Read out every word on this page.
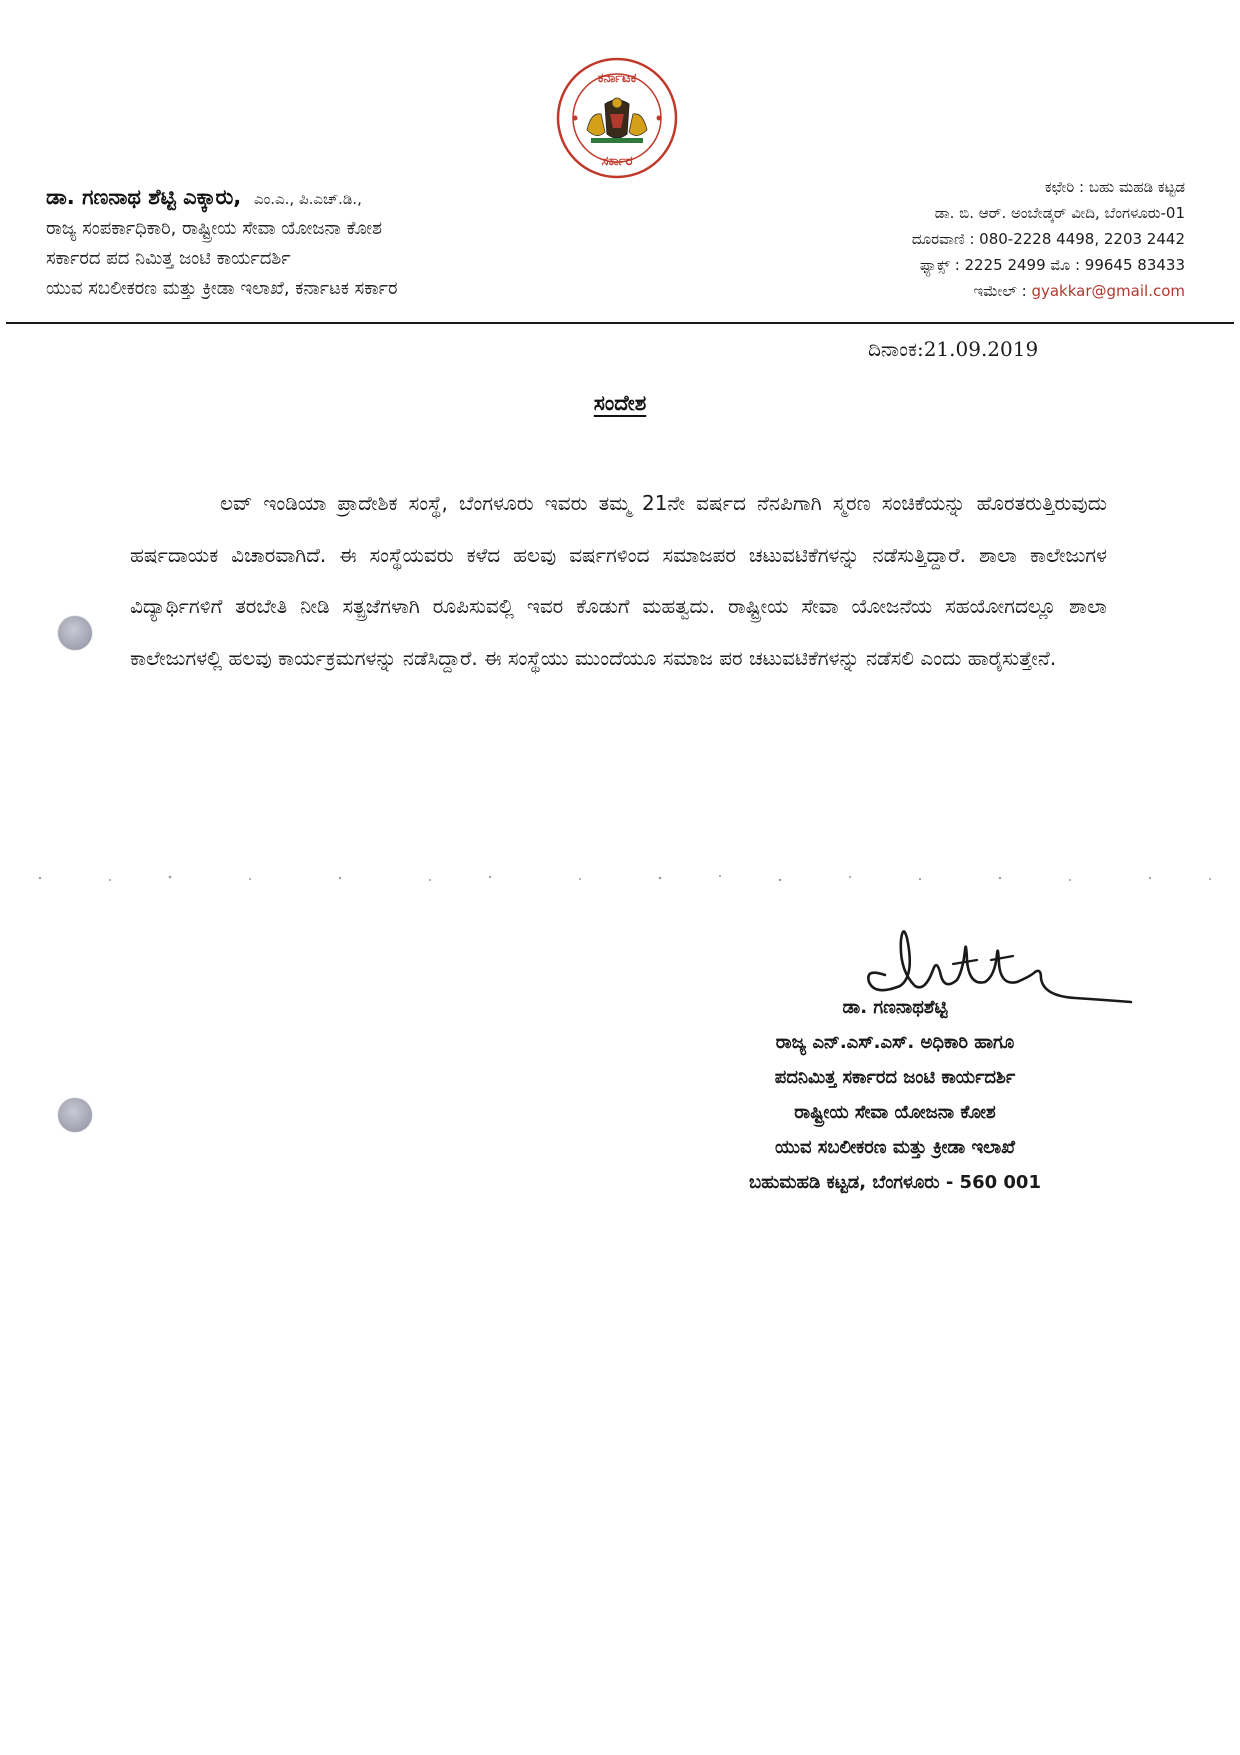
ಕರ್ನಾಟಕ
ಸರ್ಕಾರ
ಡಾ. ಗಣನಾಥ ಶೆಟ್ಟಿ ಎಕ್ಕಾರು, ಎಂ.ಎ., ಪಿ.ಎಚ್.ಡಿ.,
ರಾಜ್ಯ ಸಂಪರ್ಕಾಧಿಕಾರಿ, ರಾಷ್ಟ್ರೀಯ ಸೇವಾ ಯೋಜನಾ ಕೋಶ
ಸರ್ಕಾರದ ಪದ ನಿಮಿತ್ತ ಜಂಟಿ ಕಾರ್ಯದರ್ಶಿ
ಯುವ ಸಬಲೀಕರಣ ಮತ್ತು ಕ್ರೀಡಾ ಇಲಾಖೆ, ಕರ್ನಾಟಕ ಸರ್ಕಾರ
ಕಛೇರಿ : ಬಹು ಮಹಡಿ ಕಟ್ಟಡ
ಡಾ. ಬಿ. ಆರ್. ಅಂಬೇಡ್ಕರ್ ವೀದಿ, ಬೆಂಗಳೂರು-01
ದೂರವಾಣಿ : 080-2228 4498, 2203 2442
ಫ್ಯಾಕ್ಸ್ : 2225 2499 ಮೊ : 99645 83433
ಇಮೇಲ್ : gyakkar@gmail.com
ದಿನಾಂಕ:21.09.2019
ಸಂದೇಶ
ಲವ್ ಇಂಡಿಯಾ ಪ್ರಾದೇಶಿಕ ಸಂಸ್ಥೆ, ಬೆಂಗಳೂರು ಇವರು ತಮ್ಮ 21ನೇ ವರ್ಷದ ನೆನಪಿಗಾಗಿ ಸ್ಮರಣ ಸಂಚಿಕೆಯನ್ನು ಹೊರತರುತ್ತಿರುವುದು ಹರ್ಷದಾಯಕ ವಿಚಾರವಾಗಿದೆ. ಈ ಸಂಸ್ಥೆಯವರು ಕಳೆದ ಹಲವು ವರ್ಷಗಳಿಂದ ಸಮಾಜಪರ ಚಟುವಟಿಕೆಗಳನ್ನು ನಡೆಸುತ್ತಿದ್ದಾರೆ. ಶಾಲಾ ಕಾಲೇಜುಗಳ ವಿದ್ಯಾರ್ಥಿಗಳಿಗೆ ತರಬೇತಿ ನೀಡಿ ಸತ್ಪ್ರಜೆಗಳಾಗಿ ರೂಪಿಸುವಲ್ಲಿ ಇವರ ಕೊಡುಗೆ ಮಹತ್ವದು. ರಾಷ್ಟ್ರೀಯ ಸೇವಾ ಯೋಜನೆಯ ಸಹಯೋಗದಲ್ಲೂ ಶಾಲಾ ಕಾಲೇಜುಗಳಲ್ಲಿ ಹಲವು ಕಾರ್ಯಕ್ರಮಗಳನ್ನು ನಡೆಸಿದ್ದಾರೆ. ಈ ಸಂಸ್ಥೆಯು ಮುಂದೆಯೂ ಸಮಾಜ ಪರ ಚಟುವಟಿಕೆಗಳನ್ನು ನಡೆಸಲಿ ಎಂದು ಹಾರೈಸುತ್ತೇನೆ.
ಡಾ. ಗಣನಾಥಶೆಟ್ಟಿ
ರಾಜ್ಯ ಎನ್.ಎಸ್.ಎಸ್. ಅಧಿಕಾರಿ ಹಾಗೂ
ಪದನಿಮಿತ್ತ ಸರ್ಕಾರದ ಜಂಟಿ ಕಾರ್ಯದರ್ಶಿ
ರಾಷ್ಟ್ರೀಯ ಸೇವಾ ಯೋಜನಾ ಕೋಶ
ಯುವ ಸಬಲೀಕರಣ ಮತ್ತು ಕ್ರೀಡಾ ಇಲಾಖೆ
ಬಹುಮಹಡಿ ಕಟ್ಟಡ, ಬೆಂಗಳೂರು - 560 001
